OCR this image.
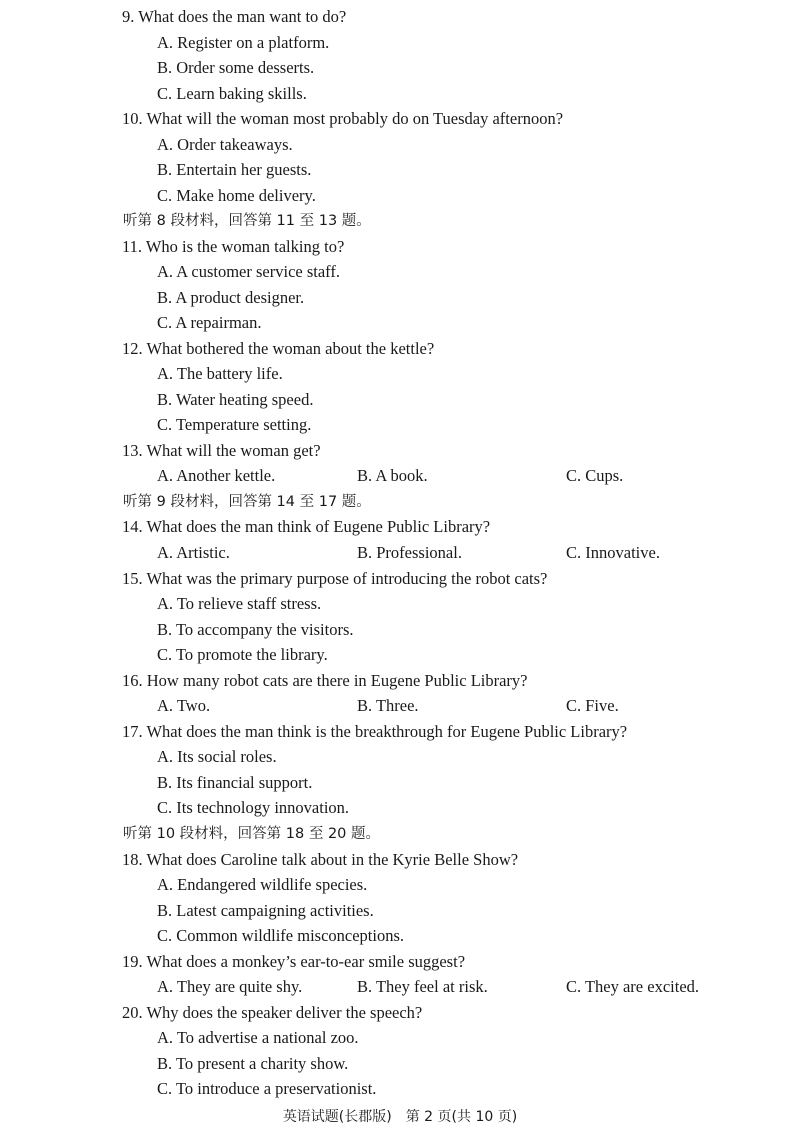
9. What does the man want to do?
A. Register on a platform.
B. Order some desserts.
C. Learn baking skills.
10. What will the woman most probably do on Tuesday afternoon?
A. Order takeaways.
B. Entertain her guests.
C. Make home delivery.
听第 8 段材料，回答第 11 至 13 题。
11. Who is the woman talking to?
A. A customer service staff.
B. A product designer.
C. A repairman.
12. What bothered the woman about the kettle?
A. The battery life.
B. Water heating speed.
C. Temperature setting.
13. What will the woman get?
A. Another kettle.	B. A book.	C. Cups.
听第 9 段材料，回答第 14 至 17 题。
14. What does the man think of Eugene Public Library?
A. Artistic.	B. Professional.	C. Innovative.
15. What was the primary purpose of introducing the robot cats?
A. To relieve staff stress.
B. To accompany the visitors.
C. To promote the library.
16. How many robot cats are there in Eugene Public Library?
A. Two.	B. Three.	C. Five.
17. What does the man think is the breakthrough for Eugene Public Library?
A. Its social roles.
B. Its financial support.
C. Its technology innovation.
听第 10 段材料，回答第 18 至 20 题。
18. What does Caroline talk about in the Kyrie Belle Show?
A. Endangered wildlife species.
B. Latest campaigning activities.
C. Common wildlife misconceptions.
19. What does a monkey’s ear-to-ear smile suggest?
A. They are quite shy.	B. They feel at risk.	C. They are excited.
20. Why does the speaker deliver the speech?
A. To advertise a national zoo.
B. To present a charity show.
C. To introduce a preservationist.
英语试题(长郡版)　第 2 页(共 10 页)
